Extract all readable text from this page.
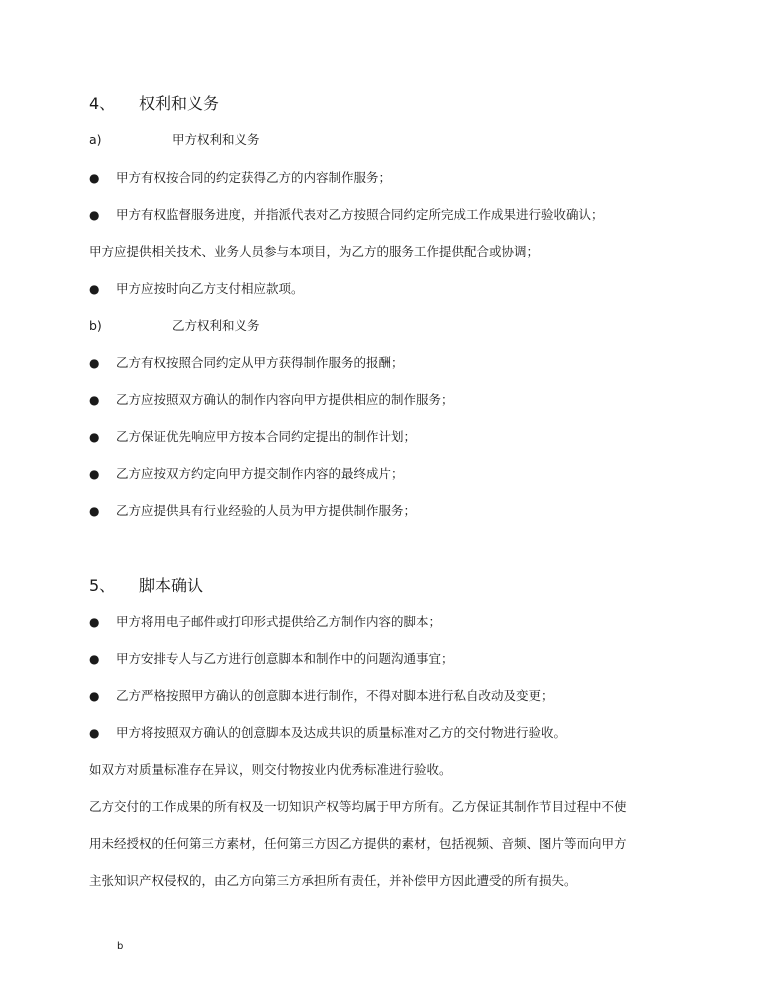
4、 权利和义务
a)	甲方权利和义务
● 甲方有权按合同的约定获得乙方的内容制作服务；
● 甲方有权监督服务进度，并指派代表对乙方按照合同约定所完成工作成果进行验收确认；
甲方应提供相关技术、业务人员参与本项目，为乙方的服务工作提供配合或协调；
● 甲方应按时向乙方支付相应款项。
b)	乙方权利和义务
● 乙方有权按照合同约定从甲方获得制作服务的报酬；
● 乙方应按照双方确认的制作内容向甲方提供相应的制作服务；
● 乙方保证优先响应甲方按本合同约定提出的制作计划；
● 乙方应按双方约定向甲方提交制作内容的最终成片；
● 乙方应提供具有行业经验的人员为甲方提供制作服务；
5、 脚本确认
● 甲方将用电子邮件或打印形式提供给乙方制作内容的脚本；
● 甲方安排专人与乙方进行创意脚本和制作中的问题沟通事宜；
● 乙方严格按照甲方确认的创意脚本进行制作，不得对脚本进行私自改动及变更；
● 甲方将按照双方确认的创意脚本及达成共识的质量标准对乙方的交付物进行验收。
如双方对质量标准存在异议，则交付物按业内优秀标准进行验收。
乙方交付的工作成果的所有权及一切知识产权等均属于甲方所有。乙方保证其制作节目过程中不使
用未经授权的任何第三方素材，任何第三方因乙方提供的素材，包括视频、音频、图片等而向甲方
主张知识产权侵权的，由乙方向第三方承担所有责任，并补偿甲方因此遭受的所有损失。
b
